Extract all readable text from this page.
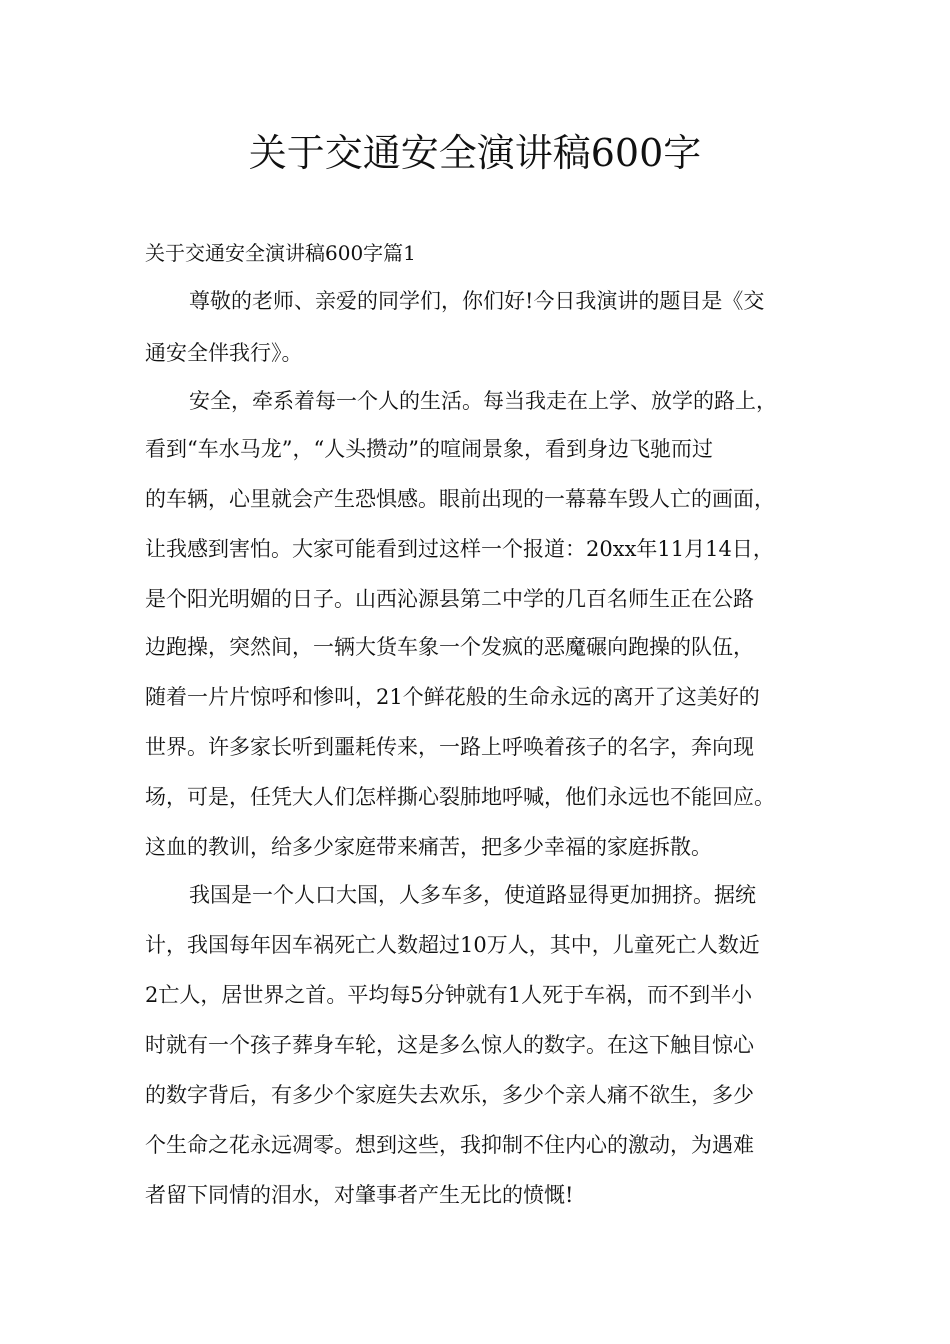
关于交通安全演讲稿600字

关于交通安全演讲稿600字篇1

尊敬的老师、亲爱的同学们，你们好!今日我演讲的题目是《交

通安全伴我行》。

安全，牵系着每一个人的生活。每当我走在上学、放学的路上，

看到“车水马龙”，“人头攒动”的喧闹景象，看到身边飞驰而过

的车辆，心里就会产生恐惧感。眼前出现的一幕幕车毁人亡的画面，

让我感到害怕。大家可能看到过这样一个报道：20xx年11月14日，

是个阳光明媚的日子。山西沁源县第二中学的几百名师生正在公路

边跑操，突然间，一辆大货车象一个发疯的恶魔碾向跑操的队伍，

随着一片片惊呼和惨叫，21个鲜花般的生命永远的离开了这美好的

世界。许多家长听到噩耗传来，一路上呼唤着孩子的名字，奔向现

场，可是，任凭大人们怎样撕心裂肺地呼喊，他们永远也不能回应。

这血的教训，给多少家庭带来痛苦，把多少幸福的家庭拆散。

我国是一个人口大国，人多车多，使道路显得更加拥挤。据统

计，我国每年因车祸死亡人数超过10万人，其中，儿童死亡人数近

2亡人，居世界之首。平均每5分钟就有1人死于车祸，而不到半小

时就有一个孩子葬身车轮，这是多么惊人的数字。在这下触目惊心

的数字背后，有多少个家庭失去欢乐，多少个亲人痛不欲生，多少

个生命之花永远凋零。想到这些，我抑制不住内心的激动，为遇难

者留下同情的泪水，对肇事者产生无比的愤慨!
